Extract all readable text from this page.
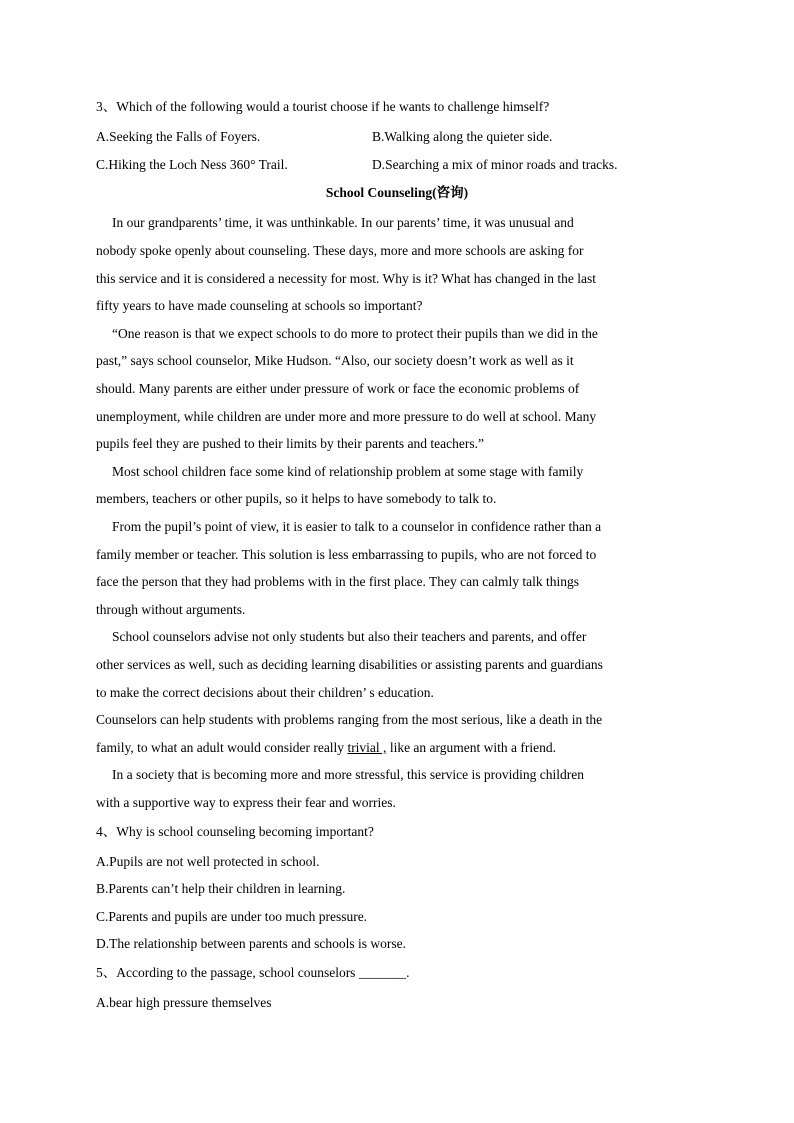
3、Which of the following would a tourist choose if he wants to challenge himself?
A.Seeking the Falls of Foyers.	B.Walking along the quieter side.
C.Hiking the Loch Ness 360° Trail.	D.Searching a mix of minor roads and tracks.
School Counseling(咨询)
In our grandparents’ time, it was unthinkable. In our parents’ time, it was unusual and
nobody spoke openly about counseling. These days, more and more schools are asking for
this service and it is considered a necessity for most. Why is it? What has changed in the last
fifty years to have made counseling at schools so important?
“One reason is that we expect schools to do more to protect their pupils than we did in the
past,” says school counselor, Mike Hudson. “Also, our society doesn’t work as well as it
should. Many parents are either under pressure of work or face the economic problems of
unemployment, while children are under more and more pressure to do well at school. Many
pupils feel they are pushed to their limits by their parents and teachers.”
Most school children face some kind of relationship problem at some stage with family
members, teachers or other pupils, so it helps to have somebody to talk to.
From the pupil’s point of view, it is easier to talk to a counselor in confidence rather than a
family member or teacher. This solution is less embarrassing to pupils, who are not forced to
face the person that they had problems with in the first place. They can calmly talk things
through without arguments.
School counselors advise not only students but also their teachers and parents, and offer
other services as well, such as deciding learning disabilities or assisting parents and guardians
to make the correct decisions about their children’ s education.
Counselors can help students with problems ranging from the most serious, like a death in the
family, to what an adult would consider really trivial , like an argument with a friend.
In a society that is becoming more and more stressful, this service is providing children
with a supportive way to express their fear and worries.
4、Why is school counseling becoming important?
A.Pupils are not well protected in school.
B.Parents can’t help their children in learning.
C.Parents and pupils are under too much pressure.
D.The relationship between parents and schools is worse.
5、According to the passage, school counselors _______.
A.bear high pressure themselves
